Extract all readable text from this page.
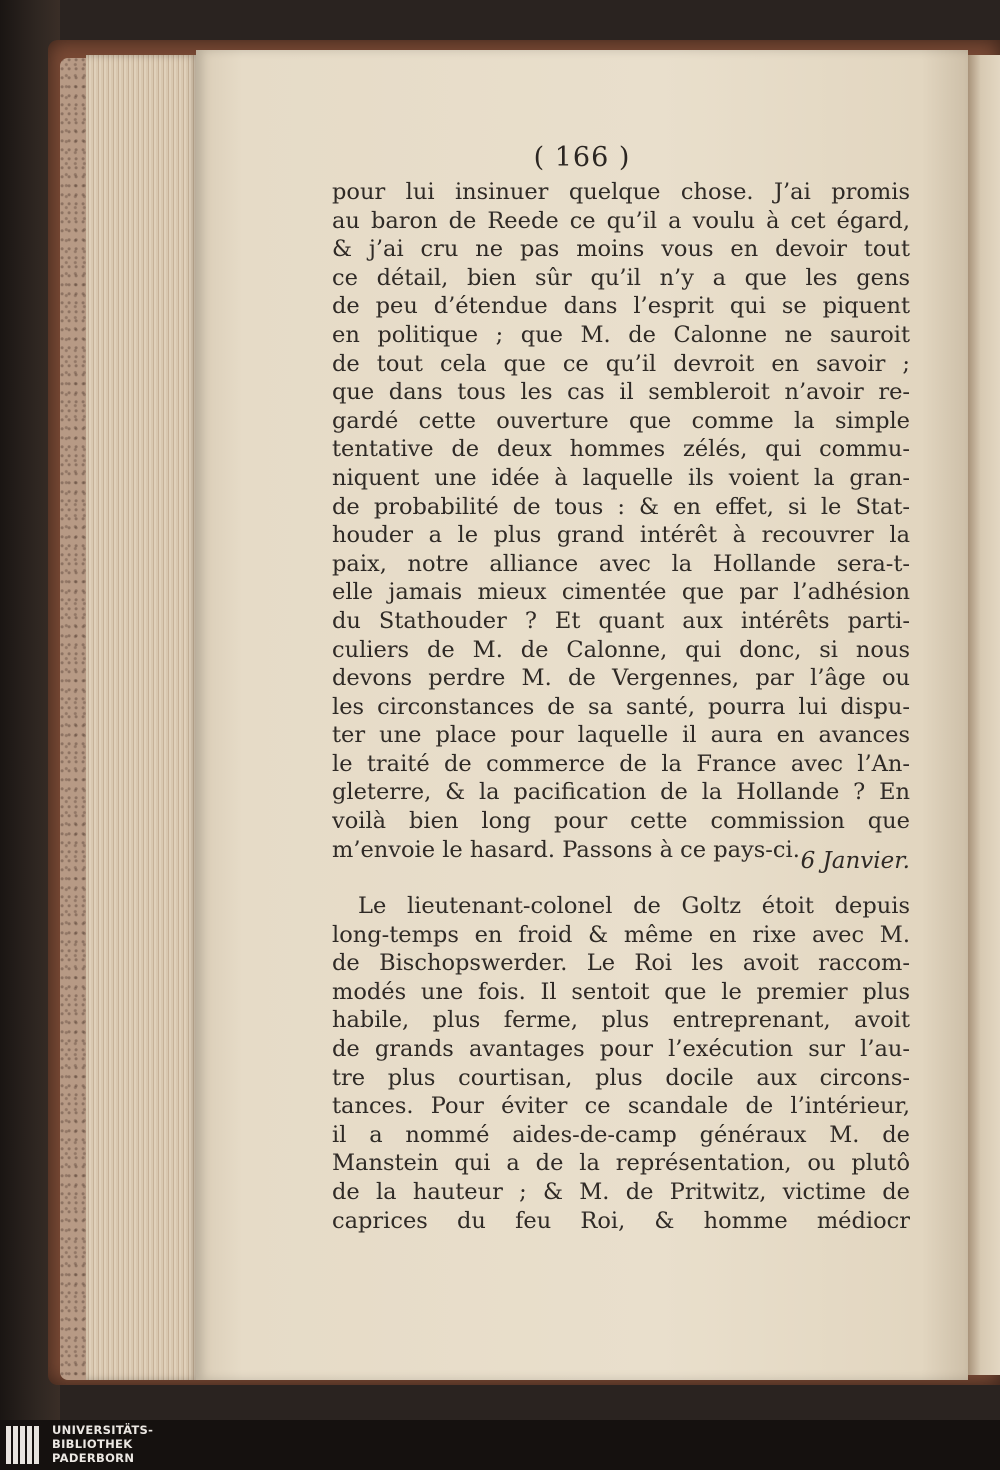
( 166 )
pour lui insinuer quelque chose. J’ai promis
au baron de Reede ce qu’il a voulu à cet égard,
& j’ai cru ne pas moins vous en devoir tout
ce détail, bien sûr qu’il n’y a que les gens
de peu d’étendue dans l’esprit qui se piquent
en politique ; que M. de Calonne ne sauroit
de tout cela que ce qu’il devroit en savoir ;
que dans tous les cas il sembleroit n’avoir re-
gardé cette ouverture que comme la simple
tentative de deux hommes zélés, qui commu-
niquent une idée à laquelle ils voient la gran-
de probabilité de tous : & en effet, si le Stat-
houder a le plus grand intérêt à recouvrer la
paix, notre alliance avec la Hollande sera-t-
elle jamais mieux cimentée que par l’adhésion
du Stathouder ? Et quant aux intérêts parti-
culiers de M. de Calonne, qui donc, si nous
devons perdre M. de Vergennes, par l’âge ou
les circonstances de sa santé, pourra lui dispu-
ter une place pour laquelle il aura en avances
le traité de commerce de la France avec l’An-
gleterre, & la pacification de la Hollande ? En
voilà bien long pour cette commission que
m’envoie le hasard. Passons à ce pays-ci. 6 Janvier.
Le lieutenant-colonel de Goltz étoit depuis
long-temps en froid & même en rixe avec M.
de Bischopswerder. Le Roi les avoit raccom-
modés une fois. Il sentoit que le premier plus
habile, plus ferme, plus entreprenant, avoit
de grands avantages pour l’exécution sur l’au-
tre plus courtisan, plus docile aux circons-
tances. Pour éviter ce scandale de l’intérieur,
il a nommé aides-de-camp généraux M. de
Manstein qui a de la représentation, ou plutô
de la hauteur ; & M. de Pritwitz, victime de
caprices du feu Roi, & homme médiocr
UNIVERSITÄTS-
BIBLIOTHEK
PADERBORN
